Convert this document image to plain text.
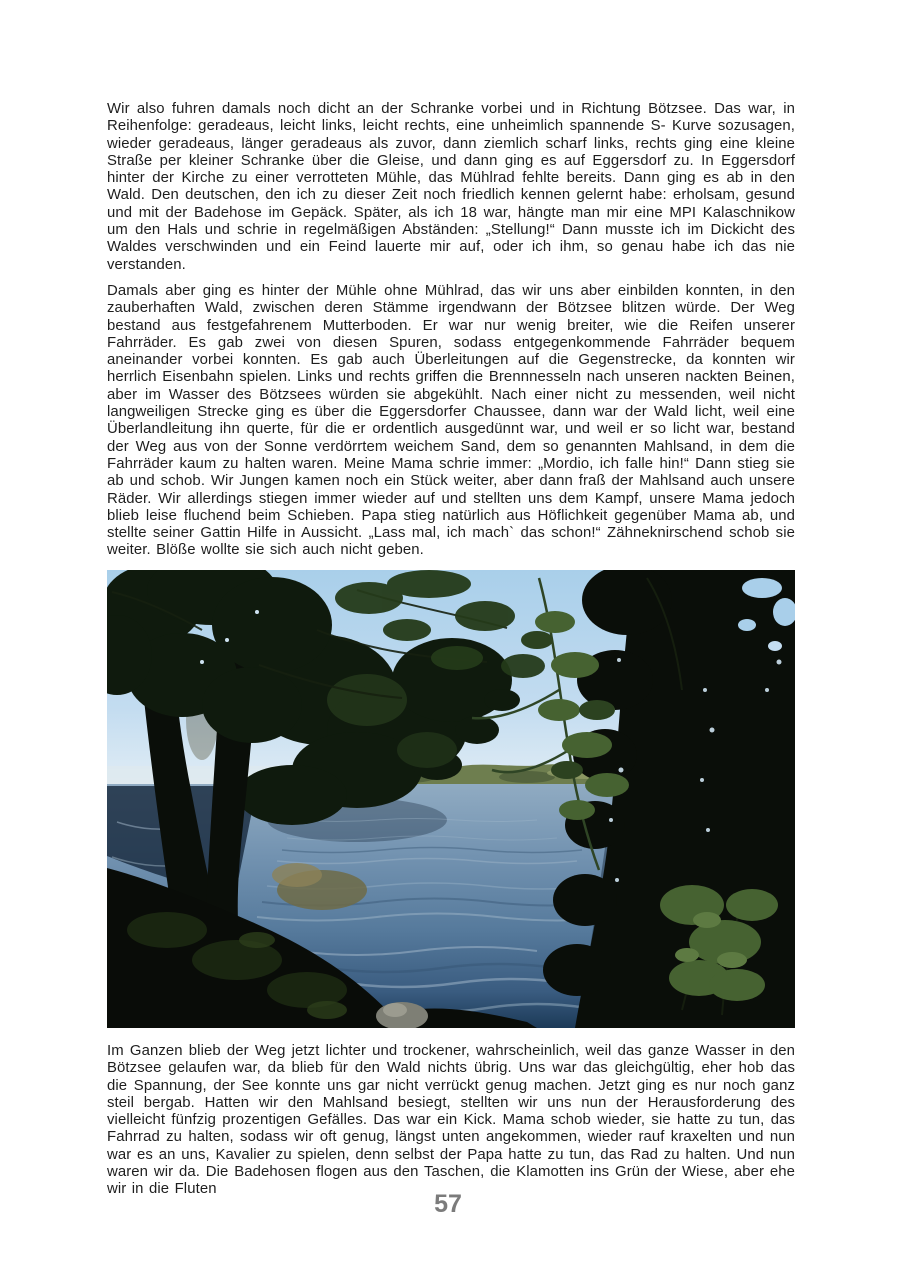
Wir also fuhren damals noch dicht an der Schranke vorbei und in Richtung Bötzsee. Das war, in Reihenfolge: geradeaus, leicht links, leicht rechts, eine unheimlich spannende S- Kurve sozusagen, wieder geradeaus, länger geradeaus als zuvor, dann ziemlich scharf links, rechts ging eine kleine Straße per kleiner Schranke über die Gleise, und dann ging es auf Eggersdorf zu. In Eggersdorf hinter der Kirche zu einer verrotteten Mühle, das Mühlrad fehlte bereits. Dann ging es ab in den Wald. Den deutschen, den ich zu dieser Zeit noch friedlich kennen gelernt habe: erholsam, gesund und mit der Badehose im Gepäck. Später, als ich 18 war, hängte man mir eine MPI Kalaschnikow um den Hals und schrie in regelmäßigen Abständen: „Stellung!“ Dann musste ich im Dickicht des Waldes verschwinden und ein Feind lauerte mir auf, oder ich ihm, so genau habe ich das nie verstanden.
Damals aber ging es hinter der Mühle ohne Mühlrad, das wir uns aber einbilden konnten, in den zauberhaften Wald, zwischen deren Stämme irgendwann der Bötzsee blitzen würde. Der Weg bestand aus festgefahrenem Mutterboden. Er war nur wenig breiter, wie die Reifen unserer Fahrräder. Es gab zwei von diesen Spuren, sodass entgegenkommende Fahrräder bequem aneinander vorbei konnten. Es gab auch Überleitungen auf die Gegenstrecke, da konnten wir herrlich Eisenbahn spielen. Links und rechts griffen die Brennnesseln nach unseren nackten Beinen, aber im Wasser des Bötzsees würden sie abgekühlt. Nach einer nicht zu messenden, weil nicht langweiligen Strecke ging es über die Eggersdorfer Chaussee, dann war der Wald licht, weil eine Überlandleitung ihn querte, für die er ordentlich ausgedünnt war, und weil er so licht war, bestand der Weg aus von der Sonne verdörrtem weichem Sand, dem so genannten Mahlsand, in dem die Fahrräder kaum zu halten waren. Meine Mama schrie immer: „Mordio, ich falle hin!“ Dann stieg sie ab und schob. Wir Jungen kamen noch ein Stück weiter, aber dann fraß der Mahlsand auch unsere Räder. Wir allerdings stiegen immer wieder auf und stellten uns dem Kampf, unsere Mama jedoch blieb leise fluchend beim Schieben. Papa stieg natürlich aus Höflichkeit gegenüber Mama ab, und stellte seiner Gattin Hilfe in Aussicht. „Lass mal, ich mach` das schon!“ Zähneknirschend schob sie weiter. Blöße wollte sie sich auch nicht geben.
Im Ganzen blieb der Weg jetzt lichter und trockener, wahrscheinlich, weil das ganze Wasser in den Bötzsee gelaufen war, da blieb für den Wald nichts übrig. Uns war das gleichgültig, eher hob das die Spannung, der See konnte uns gar nicht verrückt genug machen. Jetzt ging es nur noch ganz steil bergab. Hatten wir den Mahlsand besiegt, stellten wir uns nun der Herausforderung des vielleicht fünfzig prozentigen Gefälles. Das war ein Kick. Mama schob wieder, sie hatte zu tun, das Fahrrad zu halten, sodass wir oft genug, längst unten angekommen, wieder rauf kraxelten und nun war es an uns, Kavalier zu spielen, denn selbst der Papa hatte zu tun, das Rad zu halten. Und nun waren wir da. Die Badehosen flogen aus den Taschen, die Klamotten ins Grün der Wiese, aber ehe wir in die Fluten
57
